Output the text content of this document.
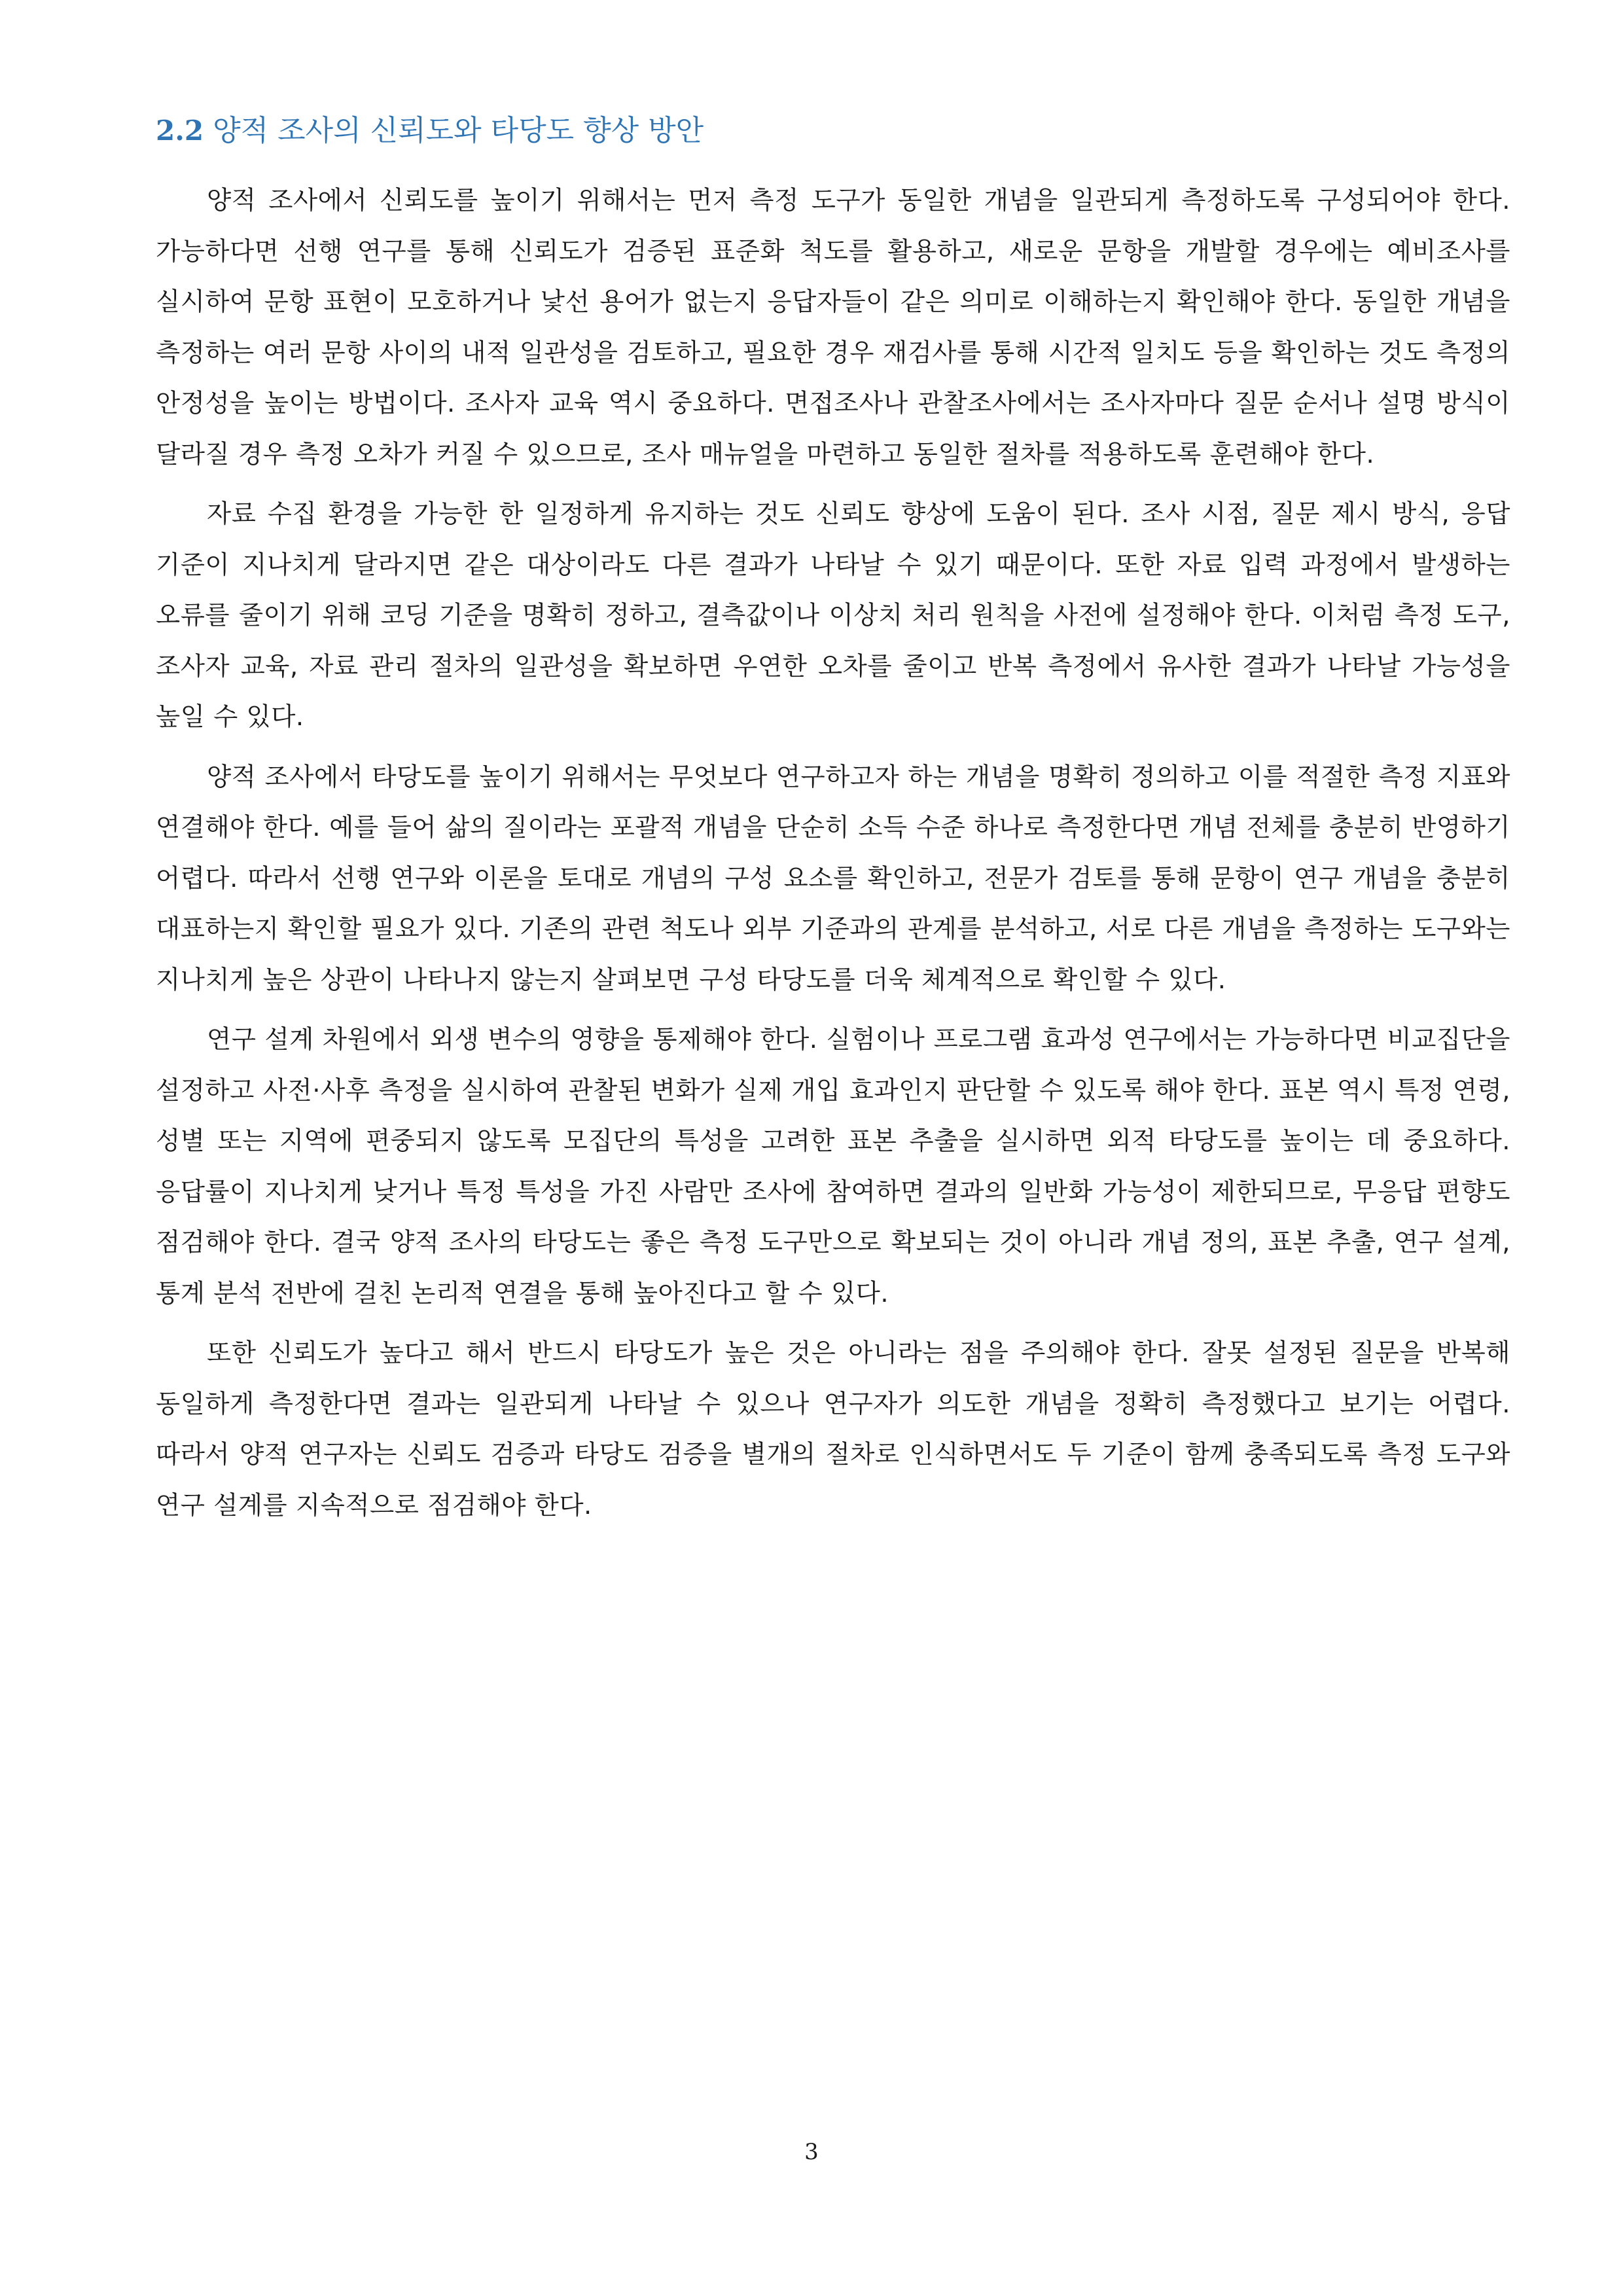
2.2 양적 조사의 신뢰도와 타당도 향상 방안

양적 조사에서 신뢰도를 높이기 위해서는 먼저 측정 도구가 동일한 개념을 일관되게 측정하도록 구성되어야 한다. 가능하다면 선행 연구를 통해 신뢰도가 검증된 표준화 척도를 활용하고, 새로운 문항을 개발할 경우에는 예비조사를 실시하여 문항 표현이 모호하거나 낯선 용어가 없는지 응답자들이 같은 의미로 이해하는지 확인해야 한다. 동일한 개념을 측정하는 여러 문항 사이의 내적 일관성을 검토하고, 필요한 경우 재검사를 통해 시간적 일치도 등을 확인하는 것도 측정의 안정성을 높이는 방법이다. 조사자 교육 역시 중요하다. 면접조사나 관찰조사에서는 조사자마다 질문 순서나 설명 방식이 달라질 경우 측정 오차가 커질 수 있으므로, 조사 매뉴얼을 마련하고 동일한 절차를 적용하도록 훈련해야 한다.

자료 수집 환경을 가능한 한 일정하게 유지하는 것도 신뢰도 향상에 도움이 된다. 조사 시점, 질문 제시 방식, 응답 기준이 지나치게 달라지면 같은 대상이라도 다른 결과가 나타날 수 있기 때문이다. 또한 자료 입력 과정에서 발생하는 오류를 줄이기 위해 코딩 기준을 명확히 정하고, 결측값이나 이상치 처리 원칙을 사전에 설정해야 한다. 이처럼 측정 도구, 조사자 교육, 자료 관리 절차의 일관성을 확보하면 우연한 오차를 줄이고 반복 측정에서 유사한 결과가 나타날 가능성을 높일 수 있다.

양적 조사에서 타당도를 높이기 위해서는 무엇보다 연구하고자 하는 개념을 명확히 정의하고 이를 적절한 측정 지표와 연결해야 한다. 예를 들어 삶의 질이라는 포괄적 개념을 단순히 소득 수준 하나로 측정한다면 개념 전체를 충분히 반영하기 어렵다. 따라서 선행 연구와 이론을 토대로 개념의 구성 요소를 확인하고, 전문가 검토를 통해 문항이 연구 개념을 충분히 대표하는지 확인할 필요가 있다. 기존의 관련 척도나 외부 기준과의 관계를 분석하고, 서로 다른 개념을 측정하는 도구와는 지나치게 높은 상관이 나타나지 않는지 살펴보면 구성 타당도를 더욱 체계적으로 확인할 수 있다.

연구 설계 차원에서 외생 변수의 영향을 통제해야 한다. 실험이나 프로그램 효과성 연구에서는 가능하다면 비교집단을 설정하고 사전·사후 측정을 실시하여 관찰된 변화가 실제 개입 효과인지 판단할 수 있도록 해야 한다. 표본 역시 특정 연령, 성별 또는 지역에 편중되지 않도록 모집단의 특성을 고려한 표본 추출을 실시하면 외적 타당도를 높이는 데 중요하다. 응답률이 지나치게 낮거나 특정 특성을 가진 사람만 조사에 참여하면 결과의 일반화 가능성이 제한되므로, 무응답 편향도 점검해야 한다. 결국 양적 조사의 타당도는 좋은 측정 도구만으로 확보되는 것이 아니라 개념 정의, 표본 추출, 연구 설계, 통계 분석 전반에 걸친 논리적 연결을 통해 높아진다고 할 수 있다.

또한 신뢰도가 높다고 해서 반드시 타당도가 높은 것은 아니라는 점을 주의해야 한다. 잘못 설정된 질문을 반복해 동일하게 측정한다면 결과는 일관되게 나타날 수 있으나 연구자가 의도한 개념을 정확히 측정했다고 보기는 어렵다. 따라서 양적 연구자는 신뢰도 검증과 타당도 검증을 별개의 절차로 인식하면서도 두 기준이 함께 충족되도록 측정 도구와 연구 설계를 지속적으로 점검해야 한다.

3
